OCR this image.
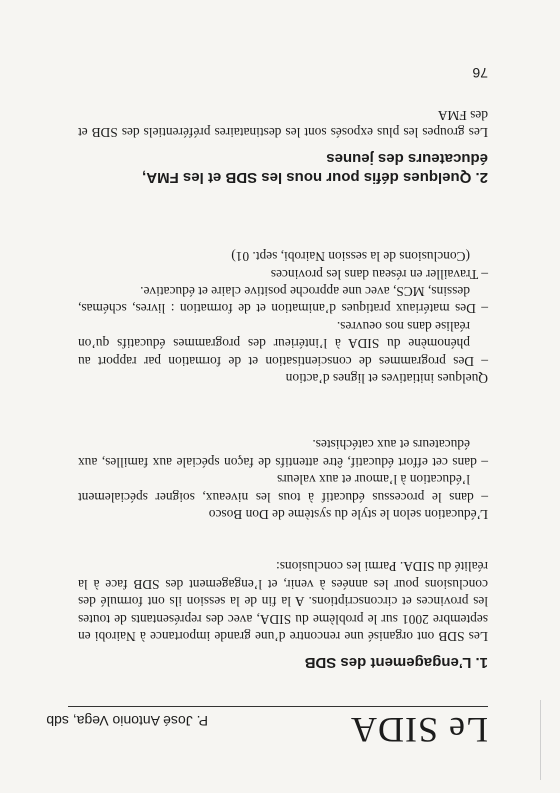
Le SIDA
P. José Antonio Vega, sdb
1. L’engagement des SDB
Les SDB ont organisé une rencontre d’une grande importance à Nairobi en septembre 2001 sur le problème du SIDA, avec des représentants de toutes les provinces et circonscriptions. A la fin de la session ils ont formulé des conclusions pour les années à venir, et l’engagement des SDB face à la réalité du SIDA. Parmi les conclusions:
L’éducation selon le style du système de Don Bosco
– dans le processus éducatif à tous les niveaux, soigner spécialement l’éducation à l’amour et aux valeurs
– dans cet effort éducatif, être attentifs de façon spéciale aux familles, aux éducateurs et aux catéchistes.
Quelques initiatives et lignes d’action
– Des programmes de conscientisation et de formation par rapport au phénomène du SIDA à l’intérieur des programmes éducatifs qu’on réalise dans nos oeuvres.
– Des matériaux pratiques d’animation et de formation : livres, schémas, dessins, MCS, avec une approche positive claire et éducative.
– Travailler en réseau dans les provinces
(Conclusions de la session Nairobi, sept. 01)
2. Quelques défis pour nous les SDB et les FMA, éducateurs des jeunes
Les groupes les plus exposés sont les destinataires préférentiels des SDB et des FMA
76
